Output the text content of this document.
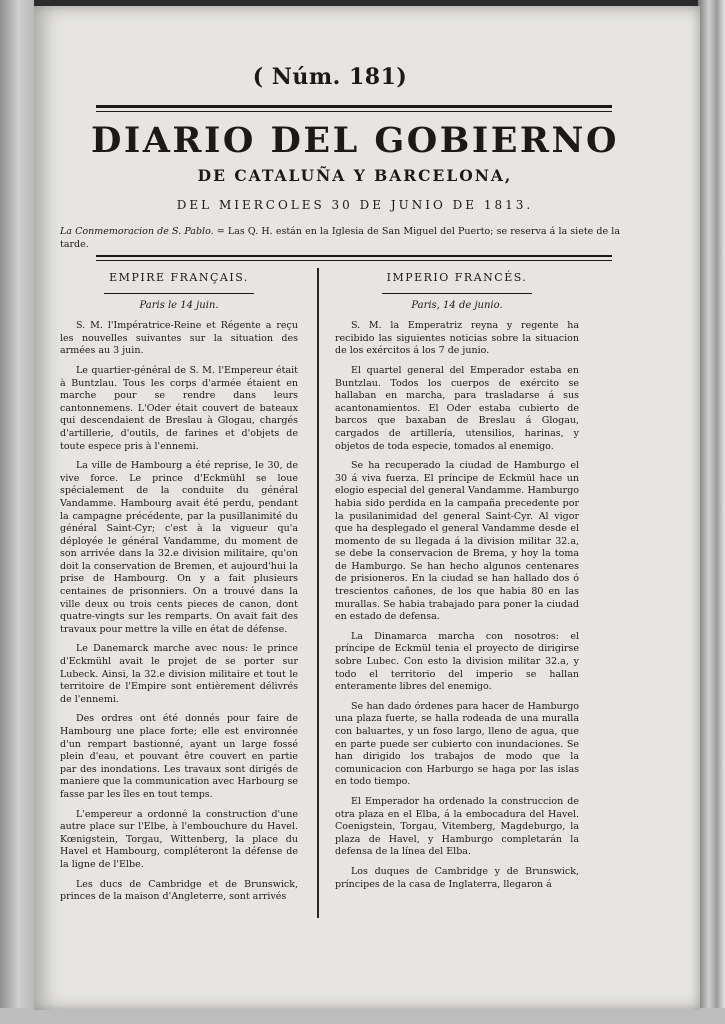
( Núm. 181)
DIARIO DEL GOBIERNO
DE CATALUÑA Y BARCELONA,
DEL MIERCOLES 30 DE JUNIO DE 1813.
La Conmemoracion de S. Pablo. = Las Q. H. están en la Iglesia de San Miguel del Puerto; se reserva á la siete de la tarde.
EMPIRE FRANÇAIS.
Paris le 14 juin.

S. M. l'Impératrice-Reine et Régente a reçu les nouvelles suivantes sur la situation des armées au 3 juin.

Le quartier-général de S. M. l'Empereur était à Buntzlau. Tous les corps d'armée étaient en marche pour se rendre dans leurs cantonnemens. L'Oder était couvert de bateaux qui descendaient de Breslau à Glogau, chargés d'artillerie, d'outils, de farines et d'objets de toute espece pris à l'ennemi.

La ville de Hambourg a été reprise, le 30, de vive force. Le prince d'Eckmühl se loue spécialement de la conduite du général Vandamme. Hambourg avait été perdu, pendant la campagne précédente, par la pusillanimité du général Saint-Cyr; c'est à la vigueur qu'a déployée le général Vandamme, du moment de son arrivée dans la 32.e division militaire, qu'on doit la conservation de Bremen, et aujourd'hui la prise de Hambourg. On y a fait plusieurs centaines de prisonniers. On a trouvé dans la ville deux ou trois cents pieces de canon, dont quatre-vingts sur les remparts. On avait fait des travaux pour mettre la ville en état de défense.

Le Danemarck marche avec nous: le prince d'Eckmühl avait le projet de se porter sur Lubeck. Ainsi, la 32.e division militaire et tout le territoire de l'Empire sont entièrement délivrés de l'ennemi.

Des ordres ont été donnés pour faire de Hambourg une place forte; elle est environnée d'un rempart bastionné, ayant un large fossé plein d'eau, et pouvant être couvert en partie par des inondations. Les travaux sont dirigés de maniere que la communication avec Harbourg se fasse par les îles en tout temps.

L'empereur a ordonné la construction d'une autre place sur l'Elbe, à l'embouchure du Havel. Kœnigstein, Torgau, Wittenberg, la place du Havel et Hambourg, compléteront la défense de la ligne de l'Elbe.

Les ducs de Cambridge et de Brunswick, princes de la maison d'Angleterre, sont arrivés

IMPERIO FRANCÉS.
Paris, 14 de junio.

S. M. la Emperatriz reyna y regente ha recibido las siguientes noticias sobre la situacion de los exércitos á los 7 de junio.

El quartel general del Emperador estaba en Buntzlau. Todos los cuerpos de exército se hallaban en marcha, para trasladarse á sus acantonamientos. El Oder estaba cubierto de barcos que baxaban de Breslau á Glogau, cargados de artillería, utensilios, harinas, y objetos de toda especie, tomados al enemigo.

Se ha recuperado la ciudad de Hamburgo el 30 á viva fuerza. El príncipe de Eckmül hace un elogio especial del general Vandamme. Hamburgo habia sido perdida en la campaña precedente por la pusilanimidad del general Saint-Cyr. Al vigor que ha desplegado el general Vandamme desde el momento de su llegada á la division militar 32.a, se debe la conservacion de Brema, y hoy la toma de Hamburgo. Se han hecho algunos centenares de prisioneros. En la ciudad se han hallado dos ó trescientos cañones, de los que habia 80 en las murallas. Se habia trabajado para poner la ciudad en estado de defensa.

La Dinamarca marcha con nosotros: el príncipe de Eckmül tenia el proyecto de dirigirse sobre Lubec. Con esto la division militar 32.a, y todo el territorio del imperio se hallan enteramente libres del enemigo.

Se han dado órdenes para hacer de Hamburgo una plaza fuerte, se halla rodeada de una muralla con baluartes, y un foso largo, lleno de agua, que en parte puede ser cubierto con inundaciones. Se han dirigido los trabajos de modo que la comunicacion con Harburgo se haga por las islas en todo tiempo.

El Emperador ha ordenado la construccion de otra plaza en el Elba, á la embocadura del Havel. Coenigstein, Torgau, Vitemberg, Magdeburgo, la plaza de Havel, y Hamburgo completarán la defensa de la línea del Elba.

Los duques de Cambridge y de Brunswick, príncipes de la casa de Inglaterra, llegaron á
